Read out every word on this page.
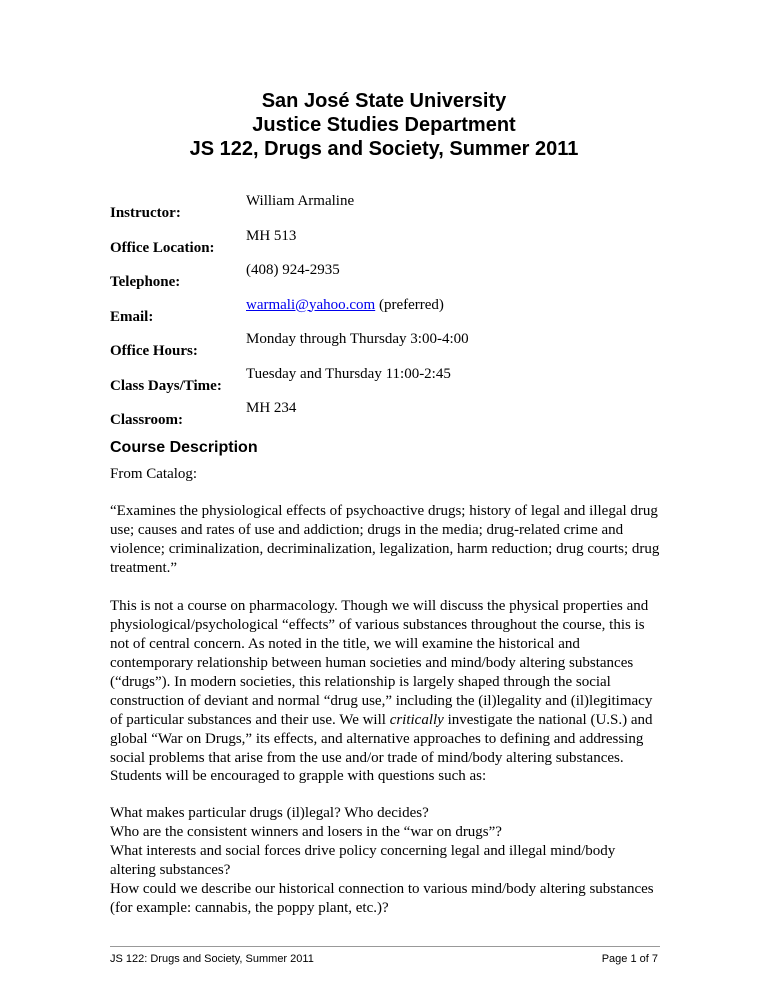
San José State University
Justice Studies Department
JS 122, Drugs and Society, Summer 2011
Instructor:
William Armaline
Office Location:
MH 513
Telephone:
(408) 924-2935
Email:
warmali@yahoo.com (preferred)
Office Hours:
Monday through Thursday 3:00-4:00
Class Days/Time:
Tuesday and Thursday 11:00-2:45
Classroom:
MH 234
Course Description

From Catalog:

“Examines the physiological effects of psychoactive drugs; history of legal and illegal drug use; causes and rates of use and addiction; drugs in the media; drug-related crime and violence; criminalization, decriminalization, legalization, harm reduction; drug courts; drug treatment.”

This is not a course on pharmacology. Though we will discuss the physical properties and physiological/psychological “effects” of various substances throughout the course, this is not of central concern. As noted in the title, we will examine the historical and contemporary relationship between human societies and mind/body altering substances (“drugs”). In modern societies, this relationship is largely shaped through the social construction of deviant and normal “drug use,” including the (il)legality and (il)legitimacy of particular substances and their use. We will critically investigate the national (U.S.) and global “War on Drugs,” its effects, and alternative approaches to defining and addressing social problems that arise from the use and/or trade of mind/body altering substances.

Students will be encouraged to grapple with questions such as:

What makes particular drugs (il)legal? Who decides?
Who are the consistent winners and losers in the “war on drugs”?
What interests and social forces drive policy concerning legal and illegal mind/body altering substances?
How could we describe our historical connection to various mind/body altering substances (for example: cannabis, the poppy plant, etc.)?
JS 122: Drugs and Society, Summer 2011	Page 1 of 7
